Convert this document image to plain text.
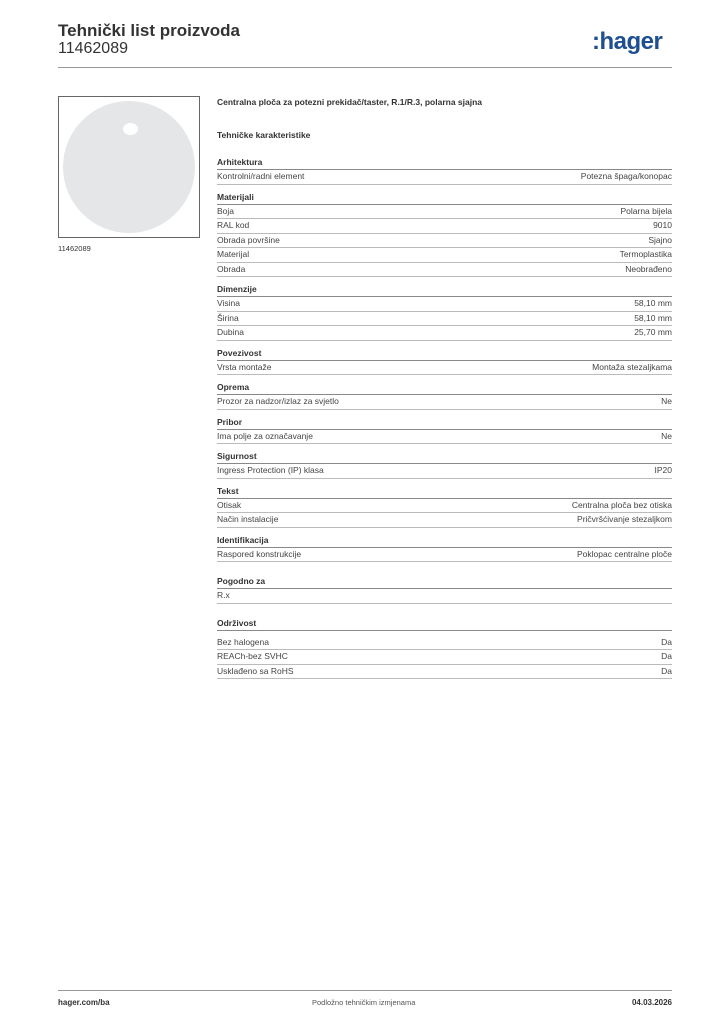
Tehnički list proizvoda
11462089	:hager
11462089
Centralna ploča za potezni prekidač/taster, R.1/R.3, polarna sjajna
Tehničke karakteristike
Arhitektura
Kontrolni/radni element	Potezna špaga/konopac
Materijali
Boja	Polarna bijela
RAL kod	9010
Obrada površine	Sjajno
Materijal	Termoplastika
Obrada	Neobrađeno
Dimenzije
Visina	58,10 mm
Širina	58,10 mm
Dubina	25,70 mm
Povezivost
Vrsta montaže	Montaža stezaljkama
Oprema
Prozor za nadzor/izlaz za svjetlo	Ne
Pribor
Ima polje za označavanje	Ne
Sigurnost
Ingress Protection (IP) klasa	IP20
Tekst
Otisak	Centralna ploča bez otiska
Način instalacije	Pričvršćivanje stezaljkom
Identifikacija
Raspored konstrukcije	Poklopac centralne ploče
Pogodno za
R.x
Održivost
Bez halogena	Da
REACh-bez SVHC	Da
Usklađeno sa RoHS	Da
hager.com/ba	Podložno tehničkim izmjenama	04.03.2026
